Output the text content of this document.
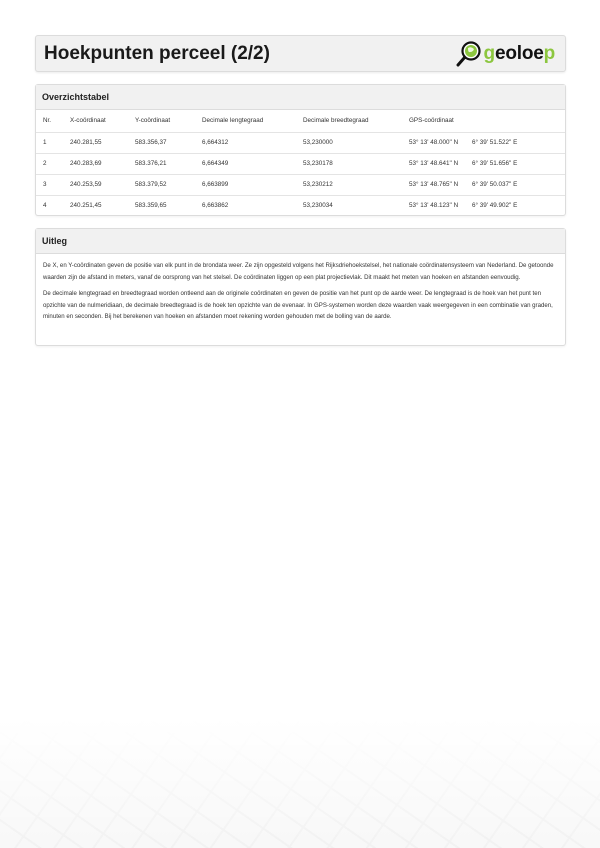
Hoekpunten perceel (2/2)	geoloep
Overzichtstabel
Nr.	X-coördinaat	Y-coördinaat	Decimale lengtegraad	Decimale breedtegraad	GPS-coördinaat
1	240.281,55	583.356,37	6,664312	53,230000	53° 13' 48.000'' N 6° 39' 51.522'' E
2	240.283,69	583.376,21	6,664349	53,230178	53° 13' 48.641'' N 6° 39' 51.656'' E
3	240.253,59	583.379,52	6,663899	53,230212	53° 13' 48.765'' N 6° 39' 50.037'' E
4	240.251,45	583.359,65	6,663862	53,230034	53° 13' 48.123'' N 6° 39' 49.902'' E
Uitleg

De X, en Y-coördinaten geven de positie van elk punt in de brondata weer. Ze zijn opgesteld volgens het Rijksdriehoekstelsel, het nationale coördinatensysteem van Nederland. De getoonde waarden zijn de afstand in meters, vanaf de oorsprong van het stelsel. De coördinaten liggen op een plat projectievlak. Dit maakt het meten van hoeken en afstanden eenvoudig.

De decimale lengtegraad en breedtegraad worden ontleend aan de originele coördinaten en geven de positie van het punt op de aarde weer. De lengtegraad is de hoek van het punt ten opzichte van de nulmeridiaan, de decimale breedtegraad is de hoek ten opzichte van de evenaar. In GPS-systemen worden deze waarden vaak weergegeven in een combinatie van graden, minuten en seconden. Bij het berekenen van hoeken en afstanden moet rekening worden gehouden met de bolling van de aarde.
